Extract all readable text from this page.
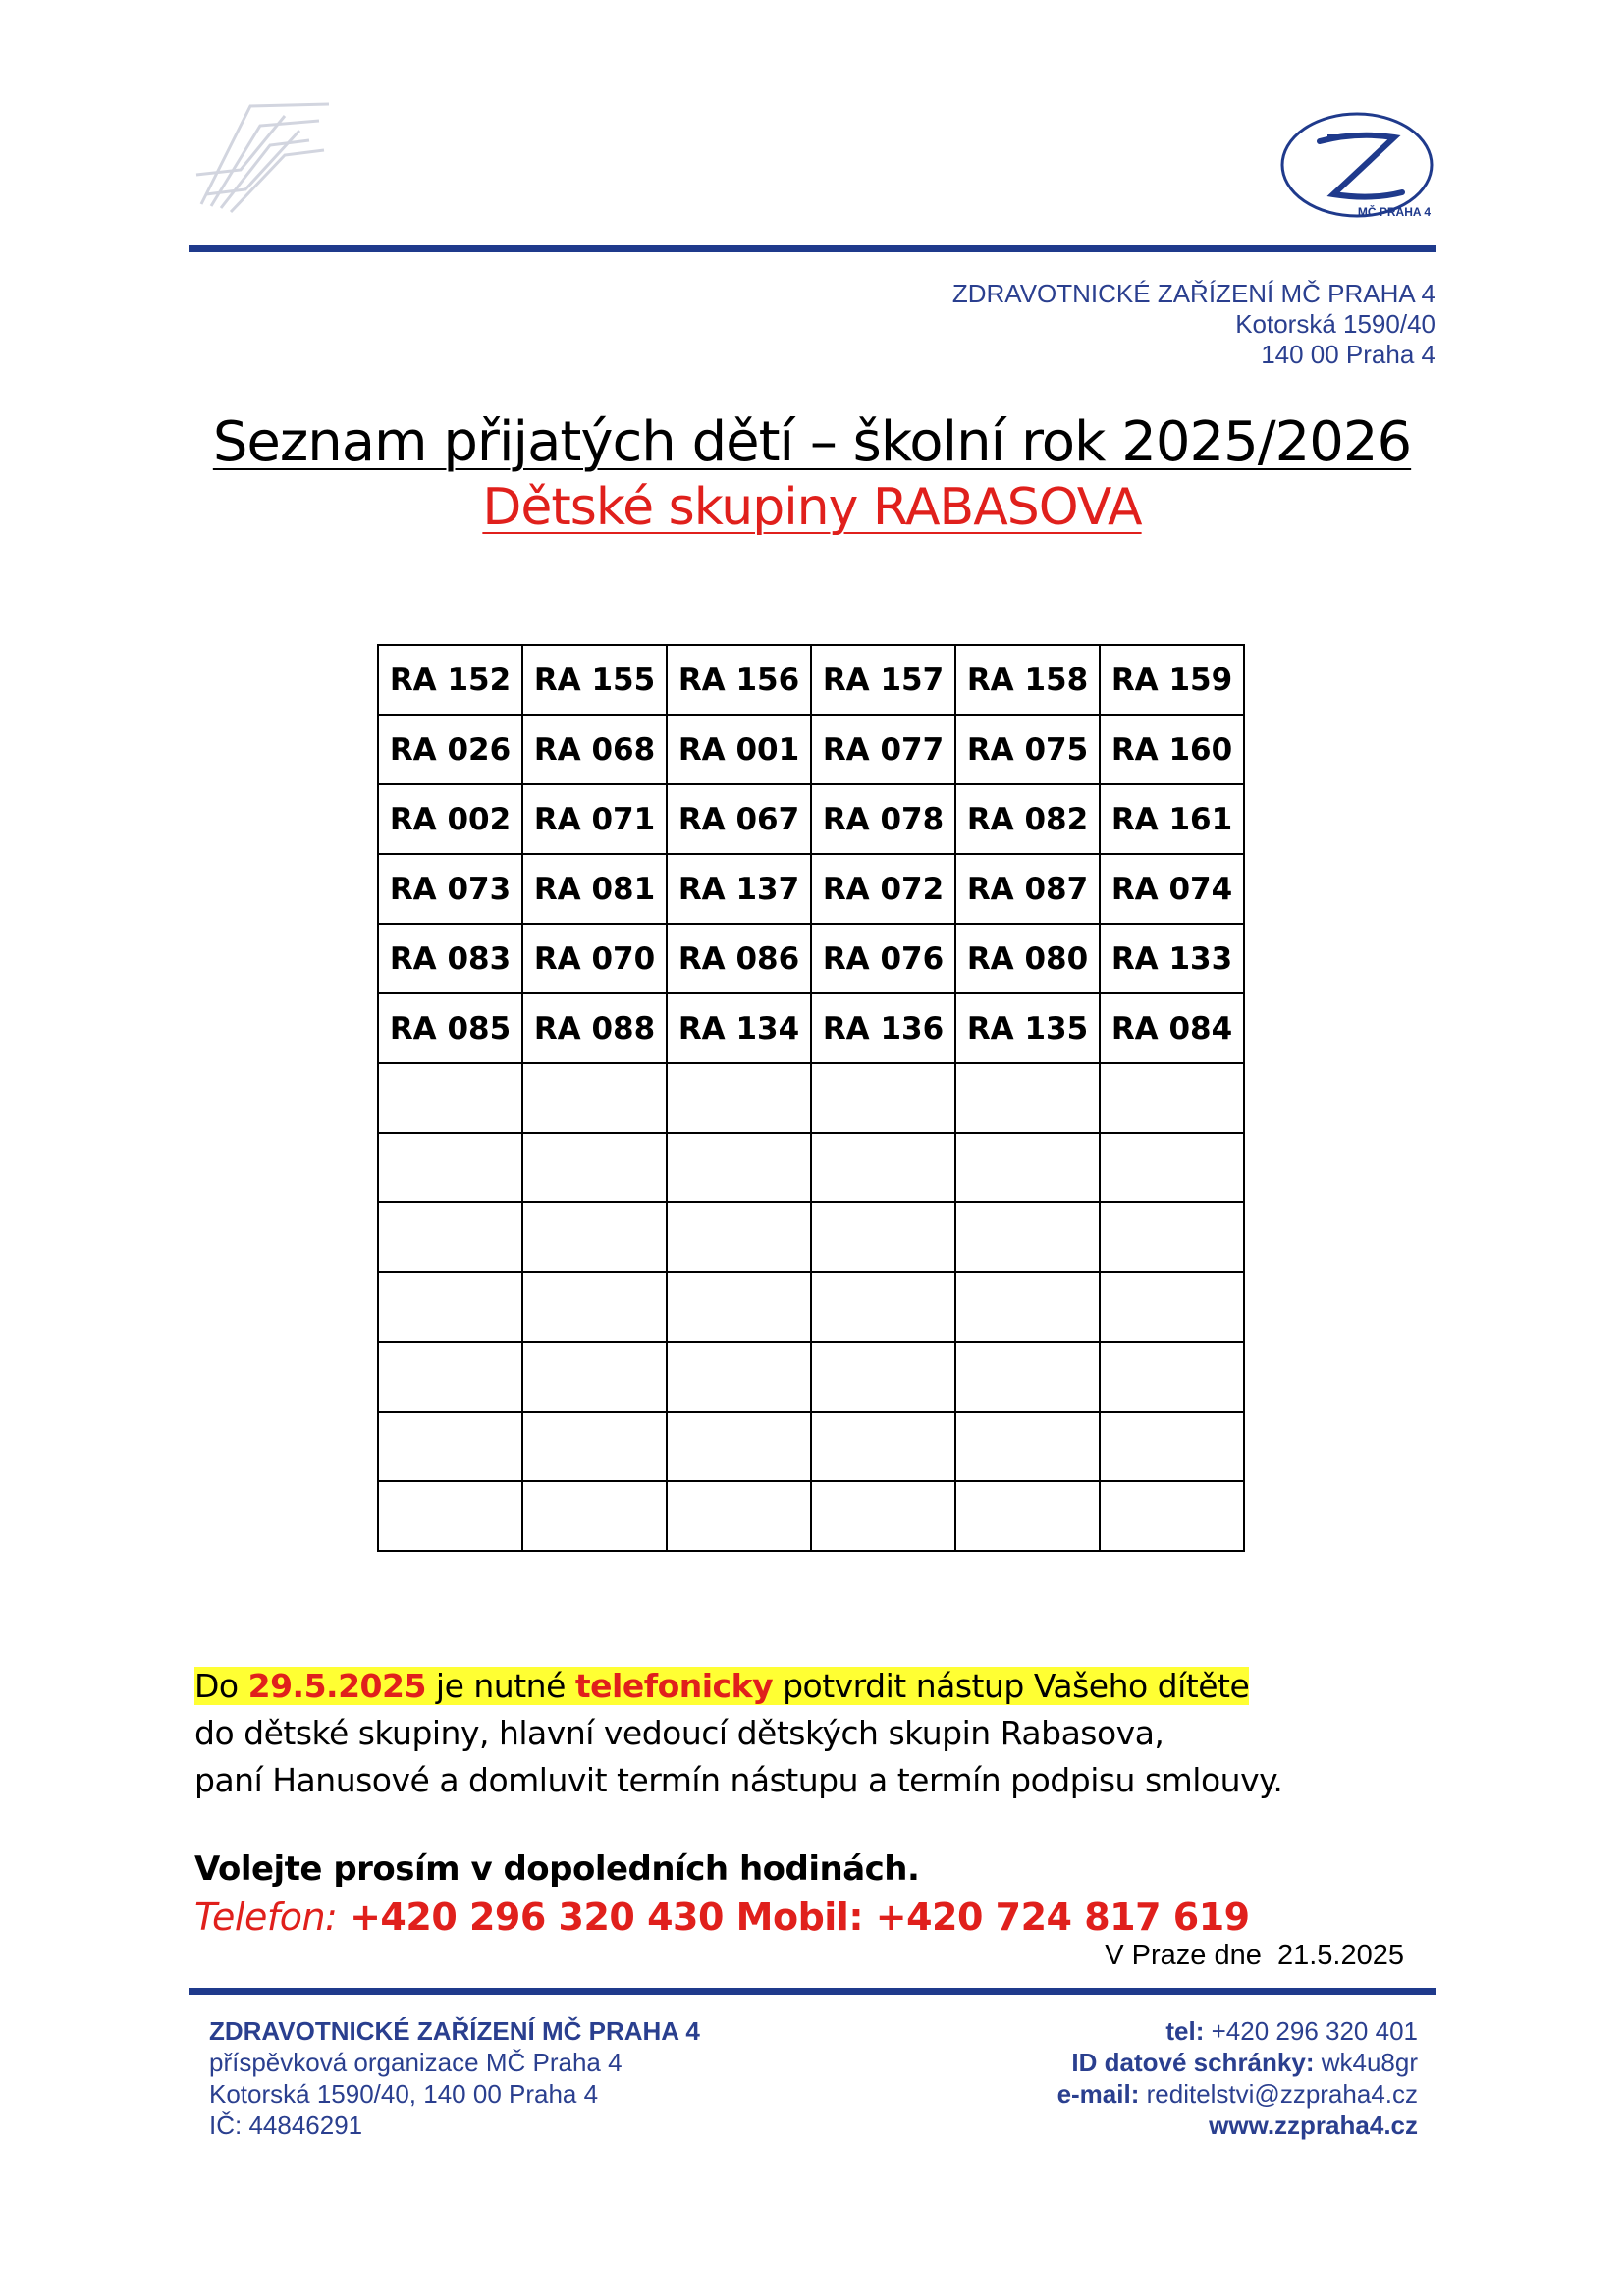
MČ PRAHA 4
ZDRAVOTNICKÉ ZAŘÍZENÍ MČ PRAHA 4
Kotorská 1590/40
140 00 Praha 4
Seznam přijatých dětí – školní rok 2025/2026
Dětské skupiny RABASOVA
RA 152	RA 155	RA 156	RA 157	RA 158	RA 159
RA 026	RA 068	RA 001	RA 077	RA 075	RA 160
RA 002	RA 071	RA 067	RA 078	RA 082	RA 161
RA 073	RA 081	RA 137	RA 072	RA 087	RA 074
RA 083	RA 070	RA 086	RA 076	RA 080	RA 133
RA 085	RA 088	RA 134	RA 136	RA 135	RA 084

Do 29.5.2025 je nutné telefonicky potvrdit nástup Vašeho dítěte
do dětské skupiny, hlavní vedoucí dětských skupin Rabasova,
paní Hanusové a domluvit termín nástupu a termín podpisu smlouvy.
Volejte prosím v dopoledních hodinách.
Telefon: +420 296 320 430 Mobil: +420 724 817 619
V Praze dne  21.5.2025
ZDRAVOTNICKÉ ZAŘÍZENÍ MČ PRAHA 4
příspěvková organizace MČ Praha 4
Kotorská 1590/40, 140 00 Praha 4
IČ: 44846291
tel: +420 296 320 401
ID datové schránky: wk4u8gr
e-mail: reditelstvi@zzpraha4.cz
www.zzpraha4.cz
